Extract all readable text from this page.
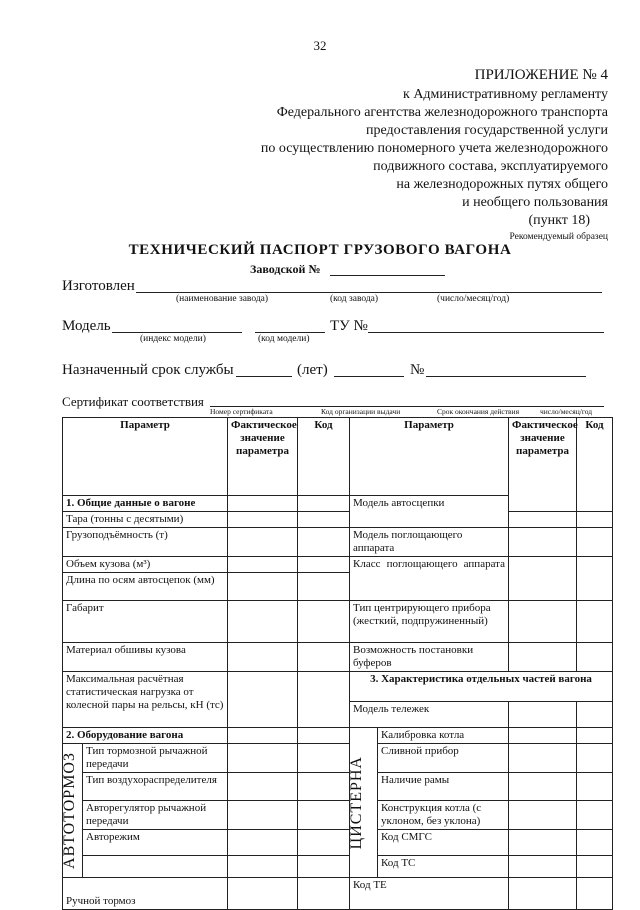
32
ПРИЛОЖЕНИЕ № 4
к Административному регламенту
Федерального агентства железнодорожного транспорта
предоставления государственной услуги
по осуществлению пономерного учета железнодорожного
подвижного состава, эксплуатируемого
на железнодорожных путях общего
и необщего пользования
(пункт 18)
Рекомендуемый образец
ТЕХНИЧЕСКИЙ ПАСПОРТ ГРУЗОВОГО ВАГОНА
Заводской №
Изготовлен
(наименование завода)	(код завода)	(число/месяц/год)
Модель	ТУ №
(индекс модели)	(код модели)
Назначенный срок службы	(лет)	№
Сертификат соответствия
Номер сертификата	Код организации выдачи	Срок окончания действия	число/месяц/год
Параметр		Фактическое значение параметра	Код	Параметр		Фактическое значение параметра	Код
1. Общие данные о вагоне				Модель автосцепки			
Тара (тонны с десятыми)							
Грузоподъёмность (т)				Модель поглощающего аппарата			
Объем кузова (м³)				Класс поглощающего аппарата			
Длина по осям автосцепок (мм)							
Габарит				Тип центрирующего прибора (жесткий, подпружиненный)			
Материал обшивы кузова				Возможность постановки буферов			
Максимальная расчётная статистическая нагрузка от колесной пары на рельсы, кН (тс)				3. Характеристика отдельных частей вагона			
				Модель тележек			
2. Оборудование вагона				ЦИСТЕРНА	Калибровка котла		

АВТОТОРМОЗ	Тип тормозной рычажной передачи				Сливной прибор		
	Тип воздухораспределителя				Наличие рамы		
	Авторегулятор рычажной передачи				Конструкция котла (с уклоном, без уклона)		
	Авторежим				Код СМГС		
					Код ТС		
Ручной тормоз				Код ТЕ			
